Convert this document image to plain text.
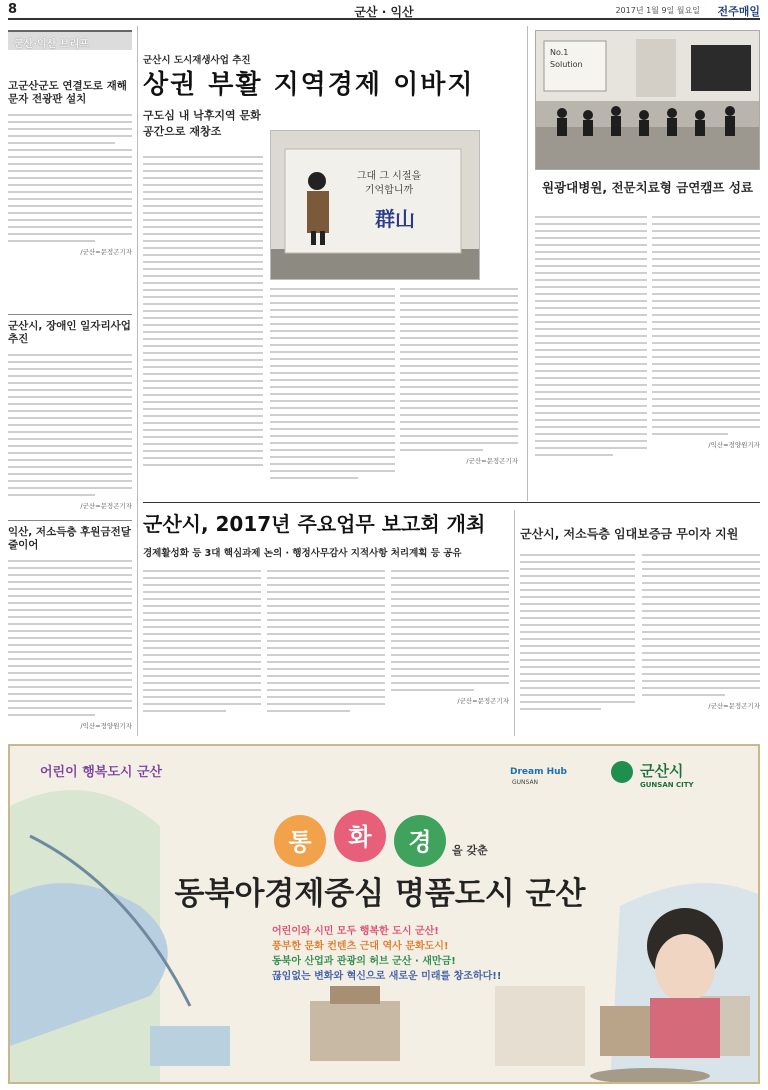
8	군산 · 익산	2017년 1월 9일 월요일 전주매일
군산·익산 브리프
고군산군도 연결도로 재해문자 전광판 설치
/군산=문정곤기자
군산시, 장애인 일자리사업 추진
/군산=문정곤기자
익산, 저소득층 후원금전달 줄이어
/익산=정양원기자
군산시 도시재생사업 추진
상권 부활 지역경제 이바지
구도심 내 낙후지역 문화공간으로 재창조
그대 그 시절을
기억합니까
群山
/군산=문정곤기자
No.1
Solution
원광대병원, 전문치료형 금연캠프 성료
/익산=정양원기자
군산시, 2017년 주요업무 보고회 개최
경제활성화 등 3대 핵심과제 논의 · 행정사무감사 지적사항 처리계획 등 공유
/군산=문정곤기자
군산시, 저소득층 임대보증금 무이자 지원
/군산=문정곤기자
어린이 행복도시 군산	Dream Hub
GUNSAN
군산시
GUNSAN CITY
통 화 경 을 갖춘
동북아경제중심 명품도시 군산
어린이와 시민 모두 행복한 도시 군산!
풍부한 문화 컨텐츠 근대 역사 문화도시!
동북아 산업과 관광의 허브 군산 · 새만금!
끊임없는 변화와 혁신으로 새로운 미래를 창조하다!!
